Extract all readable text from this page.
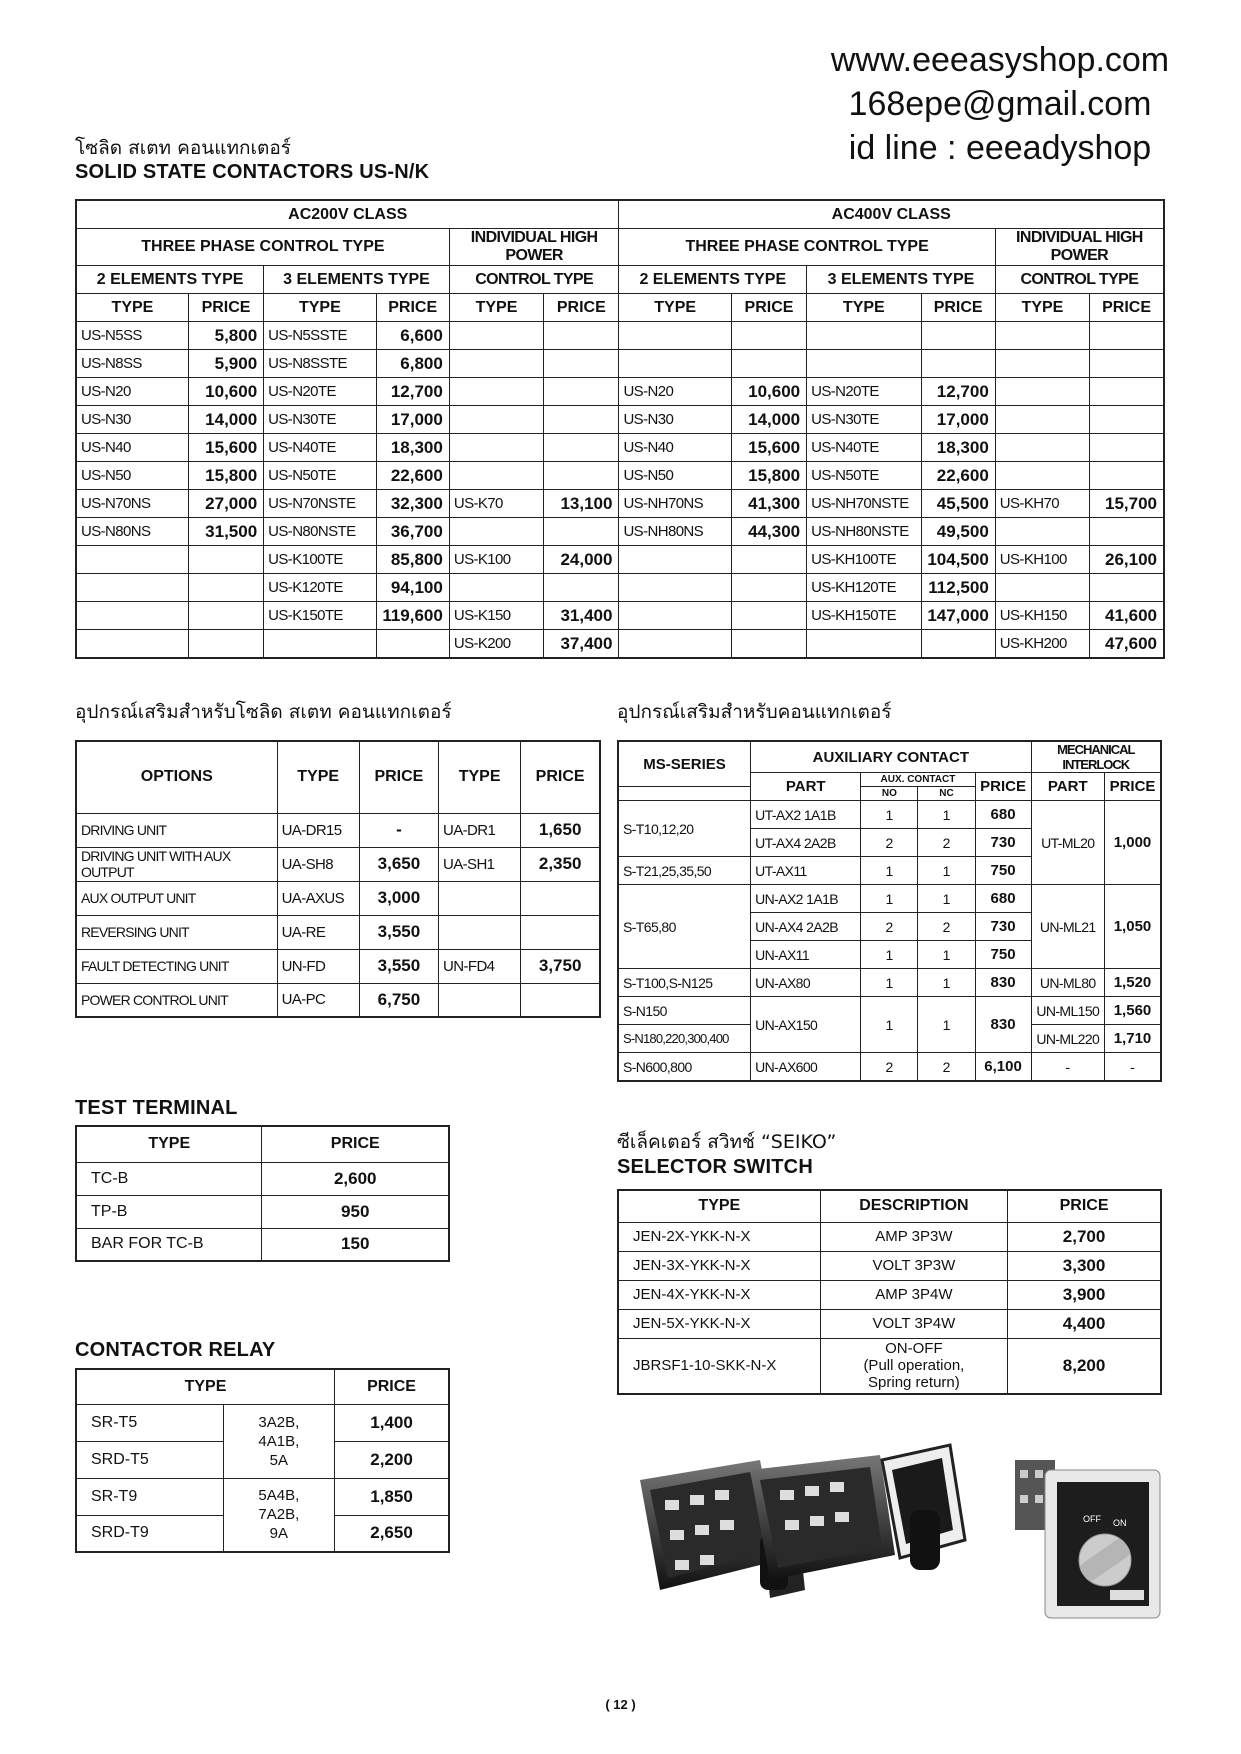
www.eeeasyshop.com
168epe@gmail.com
id line : eeeadyshop
โซลิด สเตท คอนแทกเตอร์
SOLID STATE CONTACTORS US-N/K
AC200V CLASS						AC400V CLASS					
THREE PHASE CONTROL TYPE				INDIVIDUAL HIGH POWER		THREE PHASE CONTROL TYPE				INDIVIDUAL HIGH POWER	
2 ELEMENTS TYPE		3 ELEMENTS TYPE		CONTROL TYPE		2 ELEMENTS TYPE		3 ELEMENTS TYPE		CONTROL TYPE	
TYPE	PRICE	TYPE	PRICE	TYPE	PRICE	TYPE	PRICE	TYPE	PRICE	TYPE	PRICE
US-N5SS	5,800	US-N5SSTE	6,600								
US-N8SS	5,900	US-N8SSTE	6,800								
US-N20	10,600	US-N20TE	12,700			US-N20	10,600	US-N20TE	12,700		
US-N30	14,000	US-N30TE	17,000			US-N30	14,000	US-N30TE	17,000		
US-N40	15,600	US-N40TE	18,300			US-N40	15,600	US-N40TE	18,300		
US-N50	15,800	US-N50TE	22,600			US-N50	15,800	US-N50TE	22,600		
US-N70NS	27,000	US-N70NSTE	32,300	US-K70	13,100	US-NH70NS	41,300	US-NH70NSTE	45,500	US-KH70	15,700
US-N80NS	31,500	US-N80NSTE	36,700			US-NH80NS	44,300	US-NH80NSTE	49,500		
		US-K100TE	85,800	US-K100	24,000			US-KH100TE	104,500	US-KH100	26,100
		US-K120TE	94,100					US-KH120TE	112,500		
		US-K150TE	119,600	US-K150	31,400			US-KH150TE	147,000	US-KH150	41,600
				US-K200	37,400					US-KH200	47,600
อุปกรณ์เสริมสำหรับโซลิด สเตท คอนแทกเตอร์
OPTIONS	TYPE	PRICE	TYPE	PRICE
DRIVING UNIT	UA-DR15	-	UA-DR1	1,650
DRIVING UNIT WITH AUX OUTPUT	UA-SH8	3,650	UA-SH1	2,350
AUX OUTPUT UNIT	UA-AXUS	3,000		
REVERSING UNIT	UA-RE	3,550		
FAULT DETECTING UNIT	UN-FD	3,550	UN-FD4	3,750
POWER CONTROL UNIT	UA-PC	6,750		
อุปกรณ์เสริมสำหรับคอนแทกเตอร์
MS-SERIES	AUXILIARY CONTACT				MECHANICAL INTERLOCK	
	PART	AUX. CONTACT		PRICE	PART	PRICE
		NO	NC			
S-T10,12,20	UT-AX2 1A1B	1	1	680	UT-ML20	1,000
	UT-AX4 2A2B	2	2	730		
S-T21,25,35,50	UT-AX11	1	1	750		
S-T65,80	UN-AX2 1A1B	1	1	680	UN-ML21	1,050
	UN-AX4 2A2B	2	2	730		
	UN-AX11	1	1	750		
S-T100,S-N125	UN-AX80	1	1	830	UN-ML80	1,520
S-N150	UN-AX150	1	1	830	UN-ML150	1,560
S-N180,220,300,400					UN-ML220	1,710
S-N600,800	UN-AX600	2	2	6,100	-	-
TEST TERMINAL
TYPE	PRICE
TC-B	2,600
TP-B	950
BAR FOR TC-B	150
CONTACTOR RELAY
TYPE		PRICE
SR-T5	3A2B,
4A1B,
5A	1,400
SRD-T5		2,200
SR-T9	5A4B,
7A2B,
9A	1,850
SRD-T9		2,650
ซีเล็คเตอร์ สวิทช์ “SEIKO”
SELECTOR SWITCH
TYPE	DESCRIPTION	PRICE
JEN-2X-YKK-N-X	AMP 3P3W	2,700
JEN-3X-YKK-N-X	VOLT 3P3W	3,300
JEN-4X-YKK-N-X	AMP 3P4W	3,900
JEN-5X-YKK-N-X	VOLT 3P4W	4,400
JBRSF1-10-SKK-N-X	ON-OFF
(Pull operation,
Spring return)	8,200
OFF ON
( 12 )
